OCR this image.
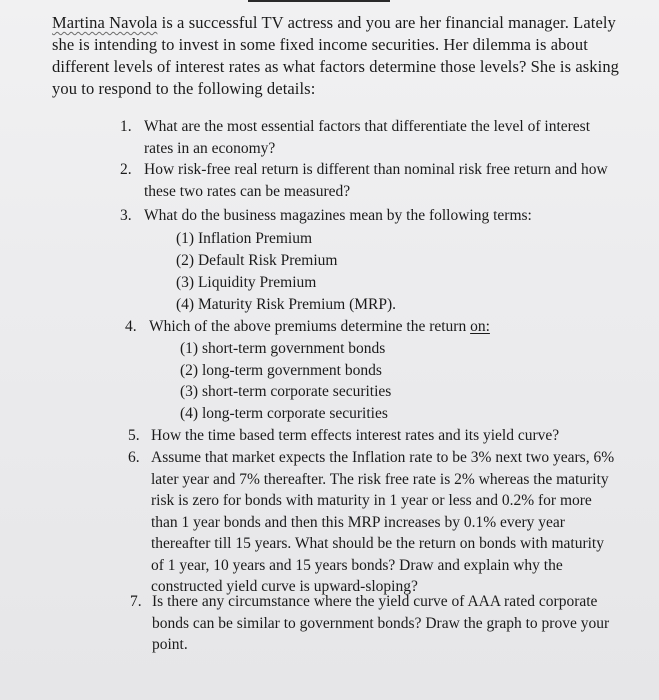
Martina Navola is a successful TV actress and you are her financial manager. Lately she is intending to invest in some fixed income securities. Her dilemma is about different levels of interest rates as what factors determine those levels? She is asking you to respond to the following details:

1. What are the most essential factors that differentiate the level of interest rates in an economy?
2. How risk-free real return is different than nominal risk free return and how these two rates can be measured?
3. What do the business magazines mean by the following terms:
(1) Inflation Premium
(2) Default Risk Premium
(3) Liquidity Premium
(4) Maturity Risk Premium (MRP).
4. Which of the above premiums determine the return on:
(1) short-term government bonds
(2) long-term government bonds
(3) short-term corporate securities
(4) long-term corporate securities
5. How the time based term effects interest rates and its yield curve?
6. Assume that market expects the Inflation rate to be 3% next two years, 6% later year and 7% thereafter. The risk free rate is 2% whereas the maturity risk is zero for bonds with maturity in 1 year or less and 0.2% for more than 1 year bonds and then this MRP increases by 0.1% every year thereafter till 15 years. What should be the return on bonds with maturity of 1 year, 10 years and 15 years bonds? Draw and explain why the constructed yield curve is upward-sloping?
7. Is there any circumstance where the yield curve of AAA rated corporate bonds can be similar to government bonds? Draw the graph to prove your point.
